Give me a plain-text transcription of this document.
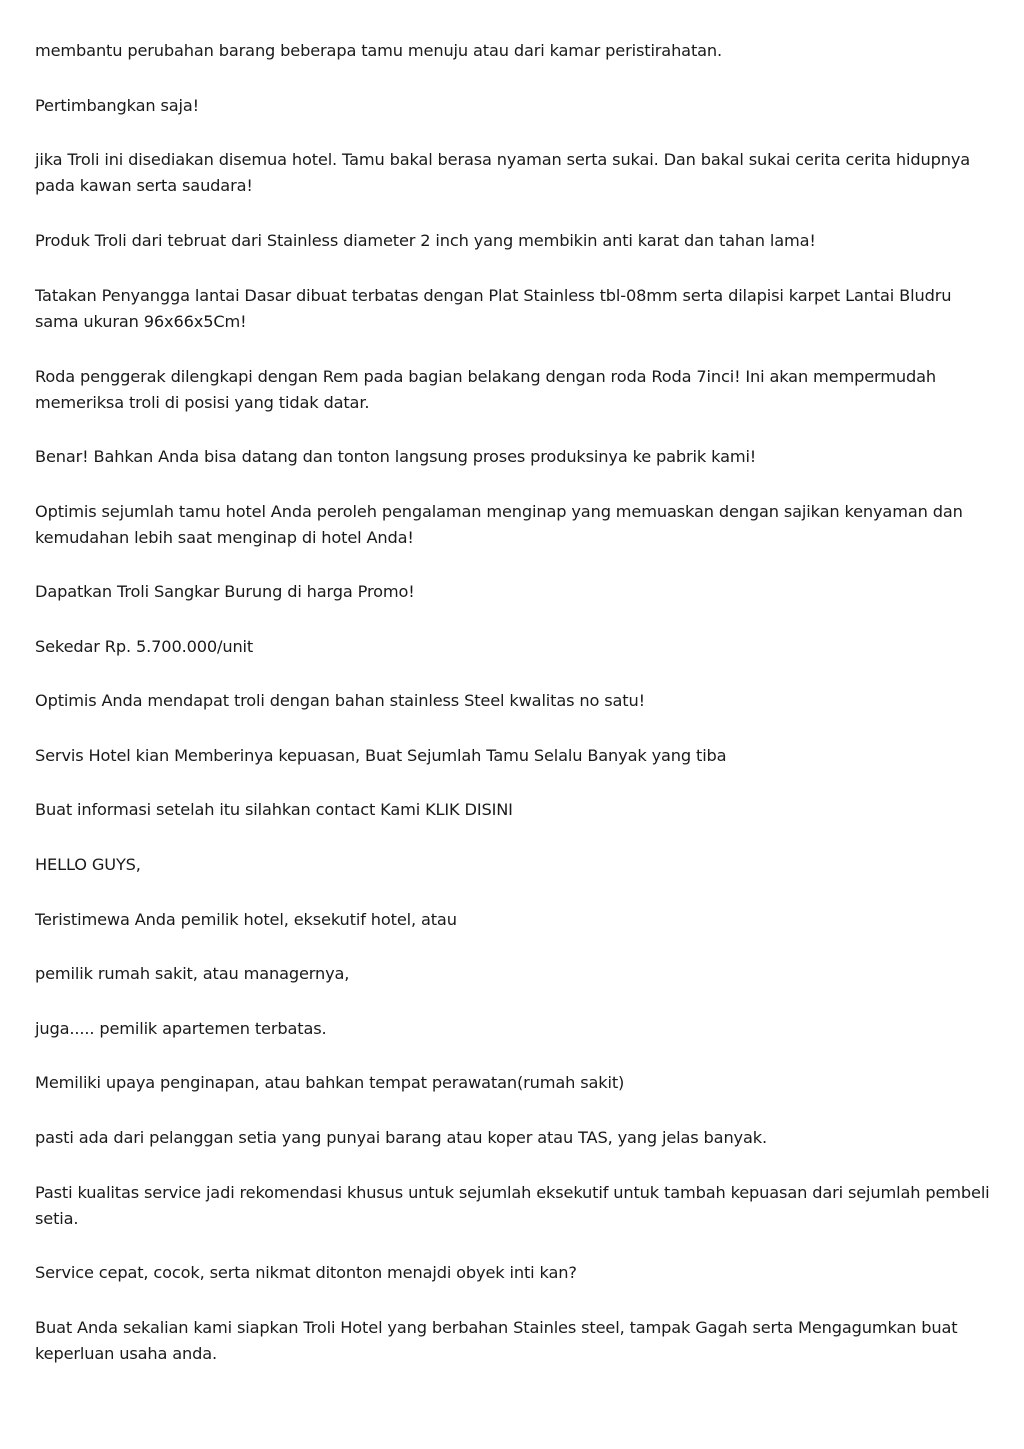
membantu perubahan barang beberapa tamu menuju atau dari kamar peristirahatan.

Pertimbangkan saja!

jika Troli ini disediakan disemua hotel. Tamu bakal berasa nyaman serta sukai. Dan bakal sukai cerita cerita hidupnya pada kawan serta saudara!

Produk Troli dari tebruat dari Stainless diameter 2 inch yang membikin anti karat dan tahan lama!

Tatakan Penyangga lantai Dasar dibuat terbatas dengan Plat Stainless tbl-08mm serta dilapisi karpet Lantai Bludru sama ukuran 96x66x5Cm!

Roda penggerak dilengkapi dengan Rem pada bagian belakang dengan roda Roda 7inci! Ini akan mempermudah memeriksa troli di posisi yang tidak datar.

Benar! Bahkan Anda bisa datang dan tonton langsung proses produksinya ke pabrik kami!

Optimis sejumlah tamu hotel Anda peroleh pengalaman menginap yang memuaskan dengan sajikan kenyaman dan kemudahan lebih saat menginap di hotel Anda!

Dapatkan Troli Sangkar Burung di harga Promo!

Sekedar Rp. 5.700.000/unit

Optimis Anda mendapat troli dengan bahan stainless Steel kwalitas no satu!

Servis Hotel kian Memberinya kepuasan, Buat Sejumlah Tamu Selalu Banyak yang tiba

Buat informasi setelah itu silahkan contact Kami KLIK DISINI

HELLO GUYS,

Teristimewa Anda pemilik hotel, eksekutif hotel, atau

pemilik rumah sakit, atau managernya,

juga..... pemilik apartemen terbatas.

Memiliki upaya penginapan, atau bahkan tempat perawatan(rumah sakit)

pasti ada dari pelanggan setia yang punyai barang atau koper atau TAS, yang jelas banyak.

Pasti kualitas service jadi rekomendasi khusus untuk sejumlah eksekutif untuk tambah kepuasan dari sejumlah pembeli setia.

Service cepat, cocok, serta nikmat ditonton menajdi obyek inti kan?

Buat Anda sekalian kami siapkan Troli Hotel yang berbahan Stainles steel, tampak Gagah serta Mengagumkan buat keperluan usaha anda.
